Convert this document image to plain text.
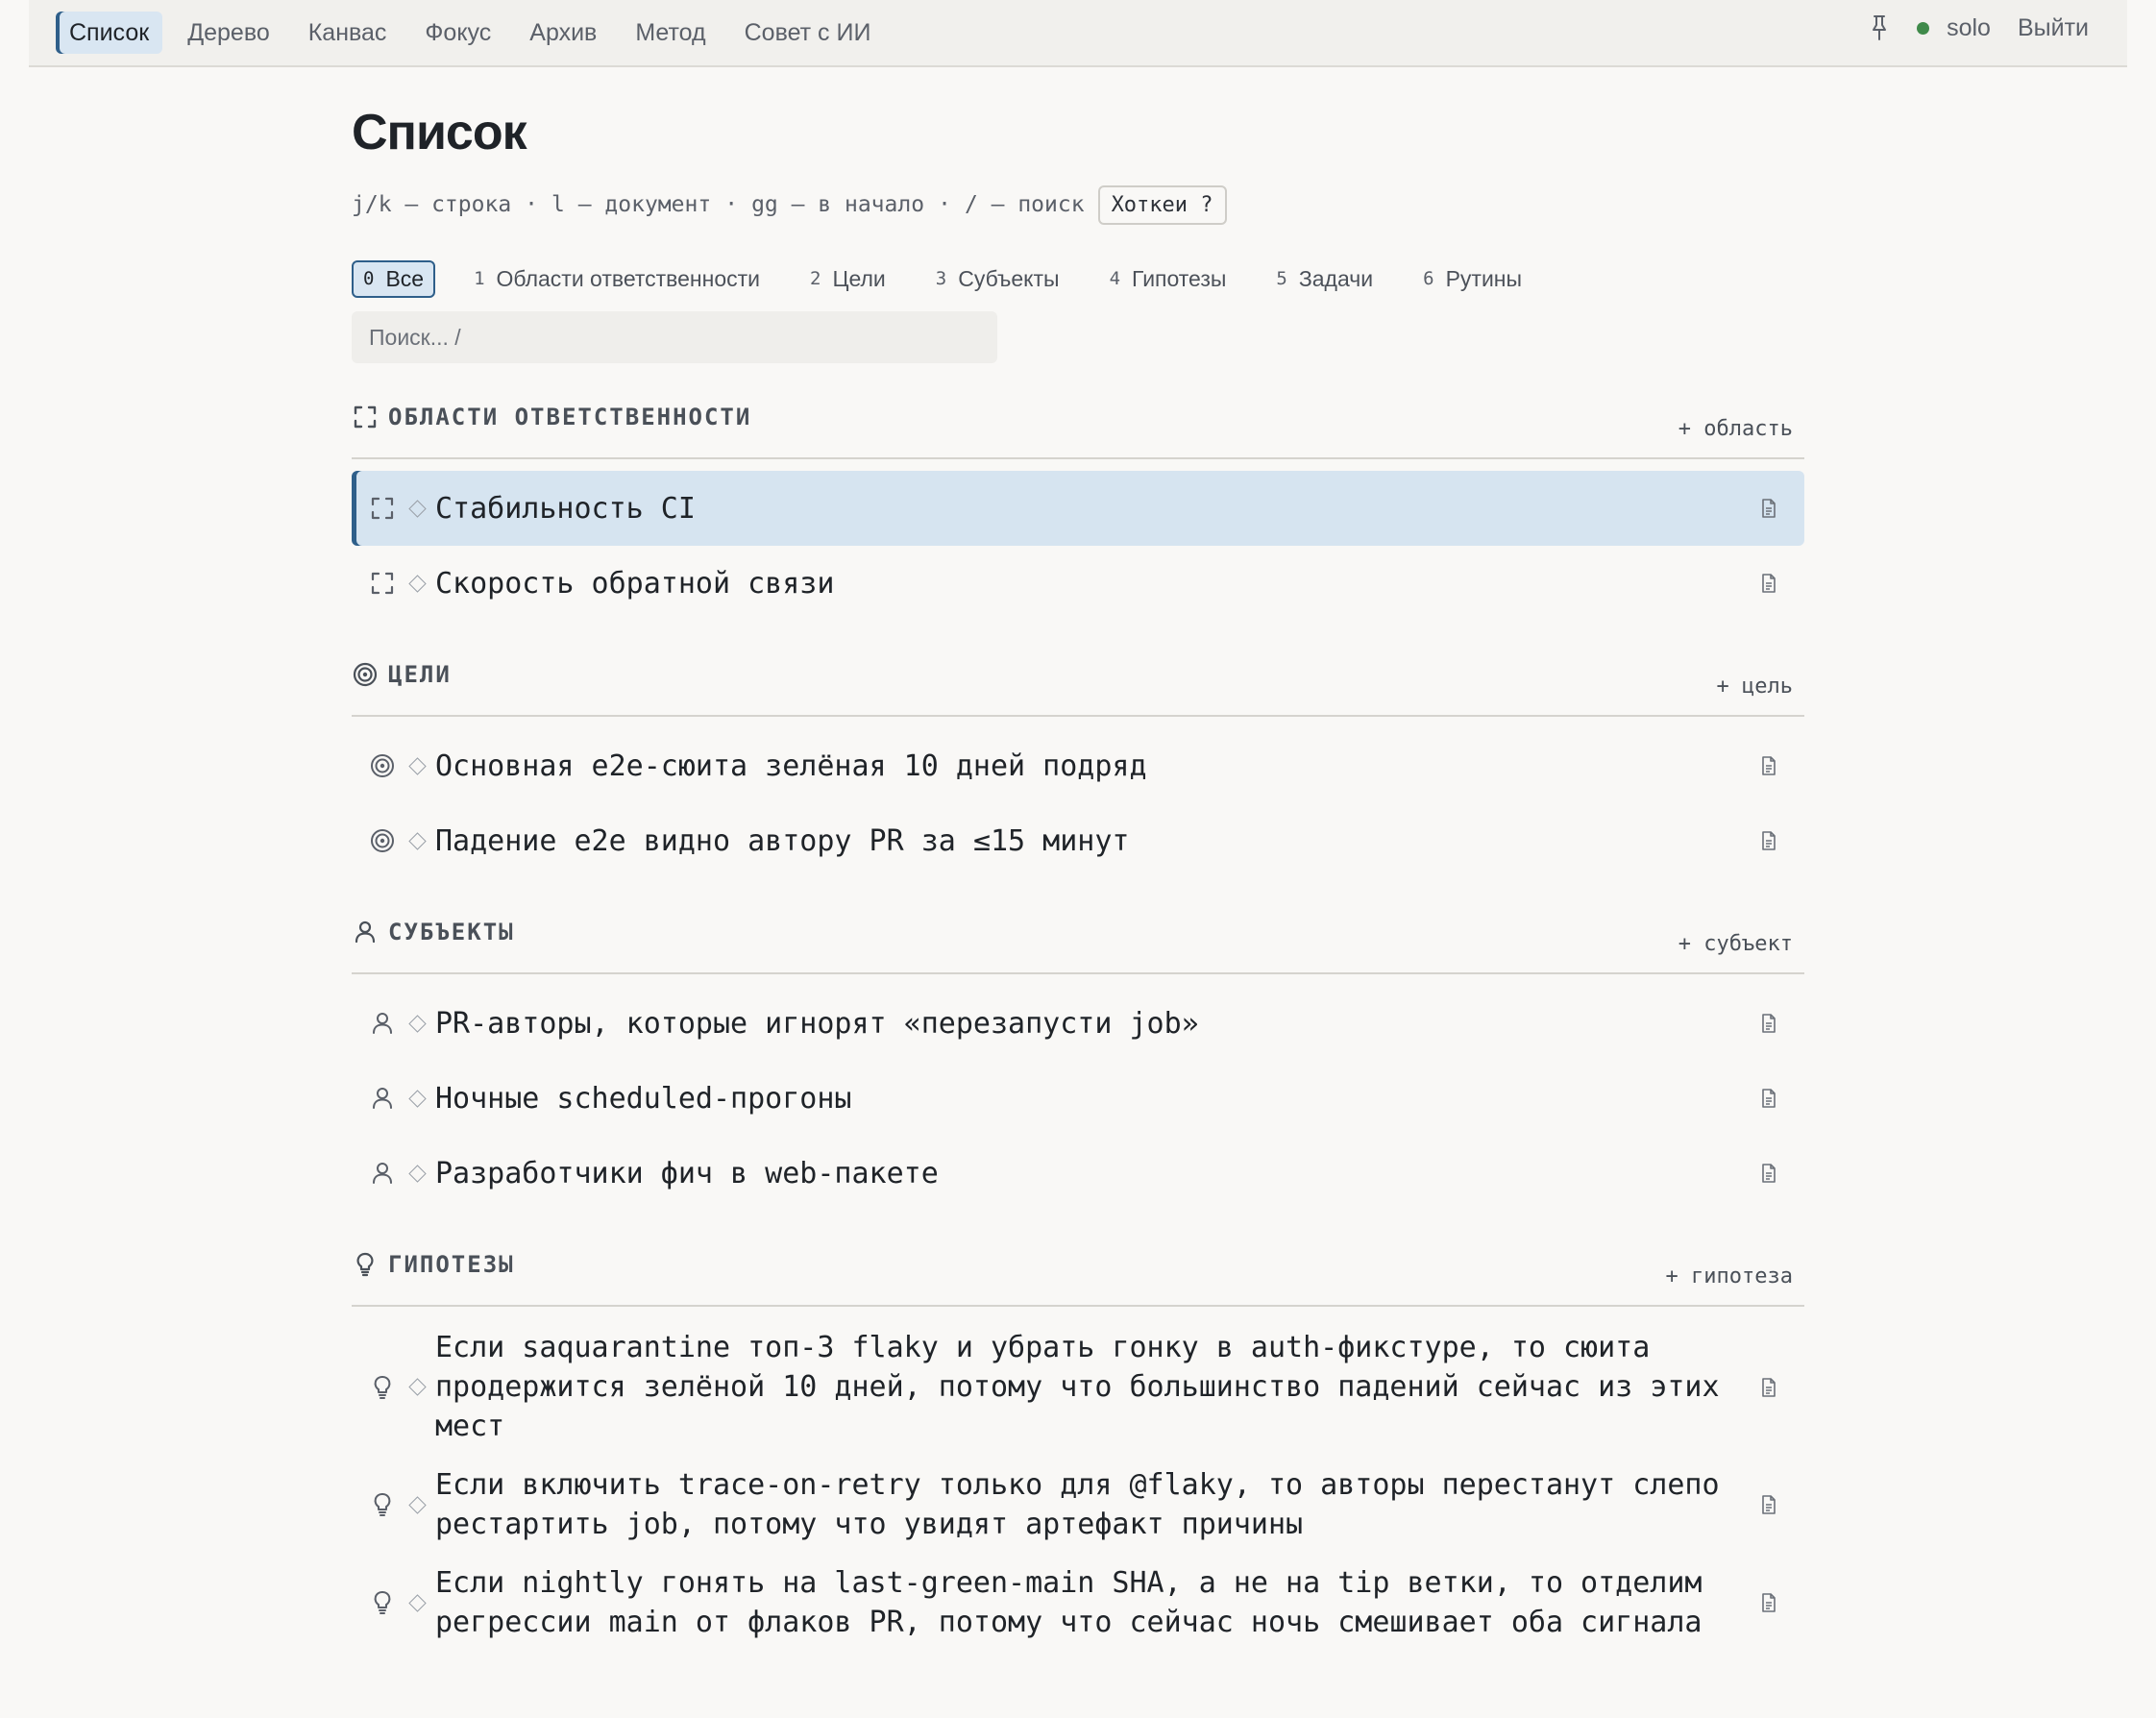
Список	Дерево	Канвас	Фокус	Архив	Метод	Совет с ИИ	solo Выйти
Список
j/k — строка · l — документ · gg — в начало · / — поиск	Хоткеи ?
0 Все	1 Области ответственности	2 Цели	3 Субъекты	4 Гипотезы	5 Задачи	6 Рутины
Поиск... /
ОБЛАСТИ ОТВЕТСТВЕННОСТИ	+ область
Стабильность CI
Скорость обратной связи
ЦЕЛИ	+ цель
Основная e2e-сюита зелёная 10 дней подряд
Падение e2e видно автору PR за ≤15 минут
СУБЪЕКТЫ	+ субъект
PR-авторы, которые игнорят «перезапусти job»
Ночные scheduled-прогоны
Разработчики фич в web-пакете
ГИПОТЕЗЫ	+ гипотеза
Если saquarantine топ-3 flaky и убрать гонку в auth-фикстуре, то сюита продержится зелёной 10 дней, потому что большинство падений сейчас из этих мест
Если включить trace-on-retry только для @flaky, то авторы перестанут слепо рестартить job, потому что увидят артефакт причины
Если nightly гонять на last-green-main SHA, а не на tip ветки, то отделим регрессии main от флаков PR, потому что сейчас ночь смешивает оба сигнала
